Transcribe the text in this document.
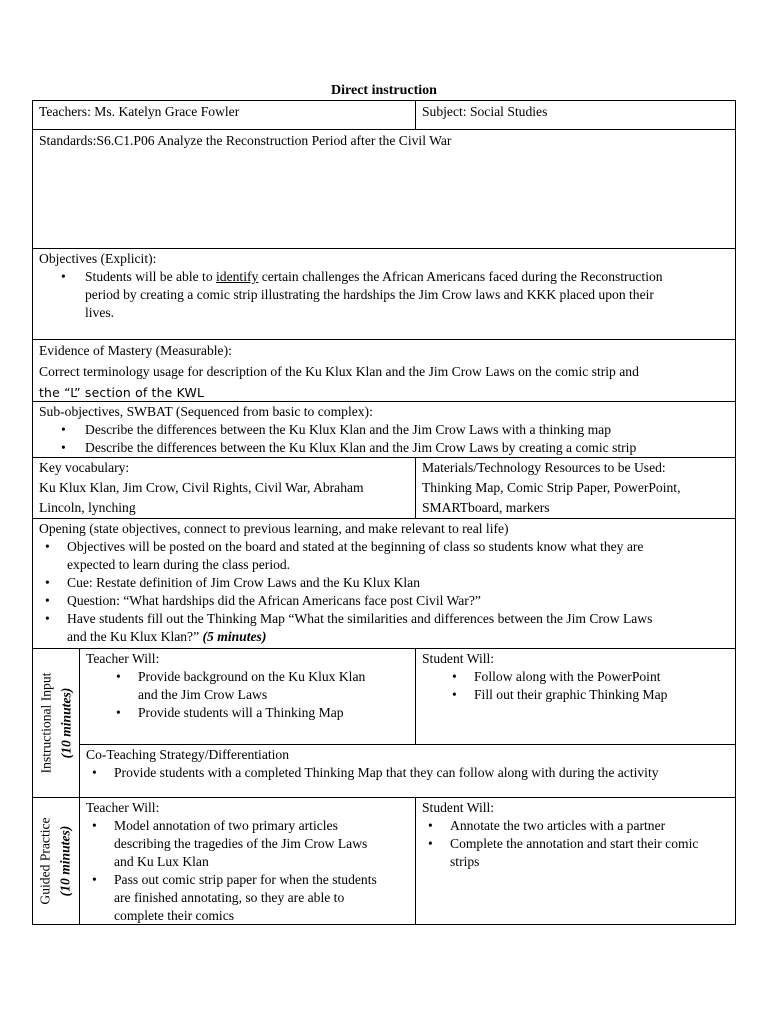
Direct instruction
Teachers: Ms. Katelyn Grace Fowler	Subject: Social Studies
Standards:S6.C1.P06 Analyze the Reconstruction Period after the Civil War
Objectives (Explicit):
• Students will be able to identify certain challenges the African Americans faced during the Reconstruction
period by creating a comic strip illustrating the hardships the Jim Crow laws and KKK placed upon their
lives.
Evidence of Mastery (Measurable):
Correct terminology usage for description of the Ku Klux Klan and the Jim Crow Laws on the comic strip and
the “L” section of the KWL
Sub-objectives, SWBAT (Sequenced from basic to complex):
• Describe the differences between the Ku Klux Klan and the Jim Crow Laws with a thinking map
• Describe the differences between the Ku Klux Klan and the Jim Crow Laws by creating a comic strip
Key vocabulary:
Ku Klux Klan, Jim Crow, Civil Rights, Civil War, Abraham
Lincoln, lynching
Materials/Technology Resources to be Used:
Thinking Map, Comic Strip Paper, PowerPoint,
SMARTboard, markers
Opening (state objectives, connect to previous learning, and make relevant to real life)
• Objectives will be posted on the board and stated at the beginning of class so students know what they are
expected to learn during the class period.
• Cue: Restate definition of Jim Crow Laws and the Ku Klux Klan
• Question: “What hardships did the African Americans face post Civil War?”
• Have students fill out the Thinking Map “What the similarities and differences between the Jim Crow Laws
and the Ku Klux Klan?” (5 minutes)
Instructional Input (10 minutes)
Teacher Will:
• Provide background on the Ku Klux Klan
and the Jim Crow Laws
• Provide students will a Thinking Map
Student Will:
• Follow along with the PowerPoint
• Fill out their graphic Thinking Map
Co-Teaching Strategy/Differentiation
• Provide students with a completed Thinking Map that they can follow along with during the activity
Guided Practice (10 minutes)
Teacher Will:
• Model annotation of two primary articles
describing the tragedies of the Jim Crow Laws
and Ku Lux Klan
• Pass out comic strip paper for when the students
are finished annotating, so they are able to
complete their comics
Student Will:
• Annotate the two articles with a partner
• Complete the annotation and start their comic
strips
